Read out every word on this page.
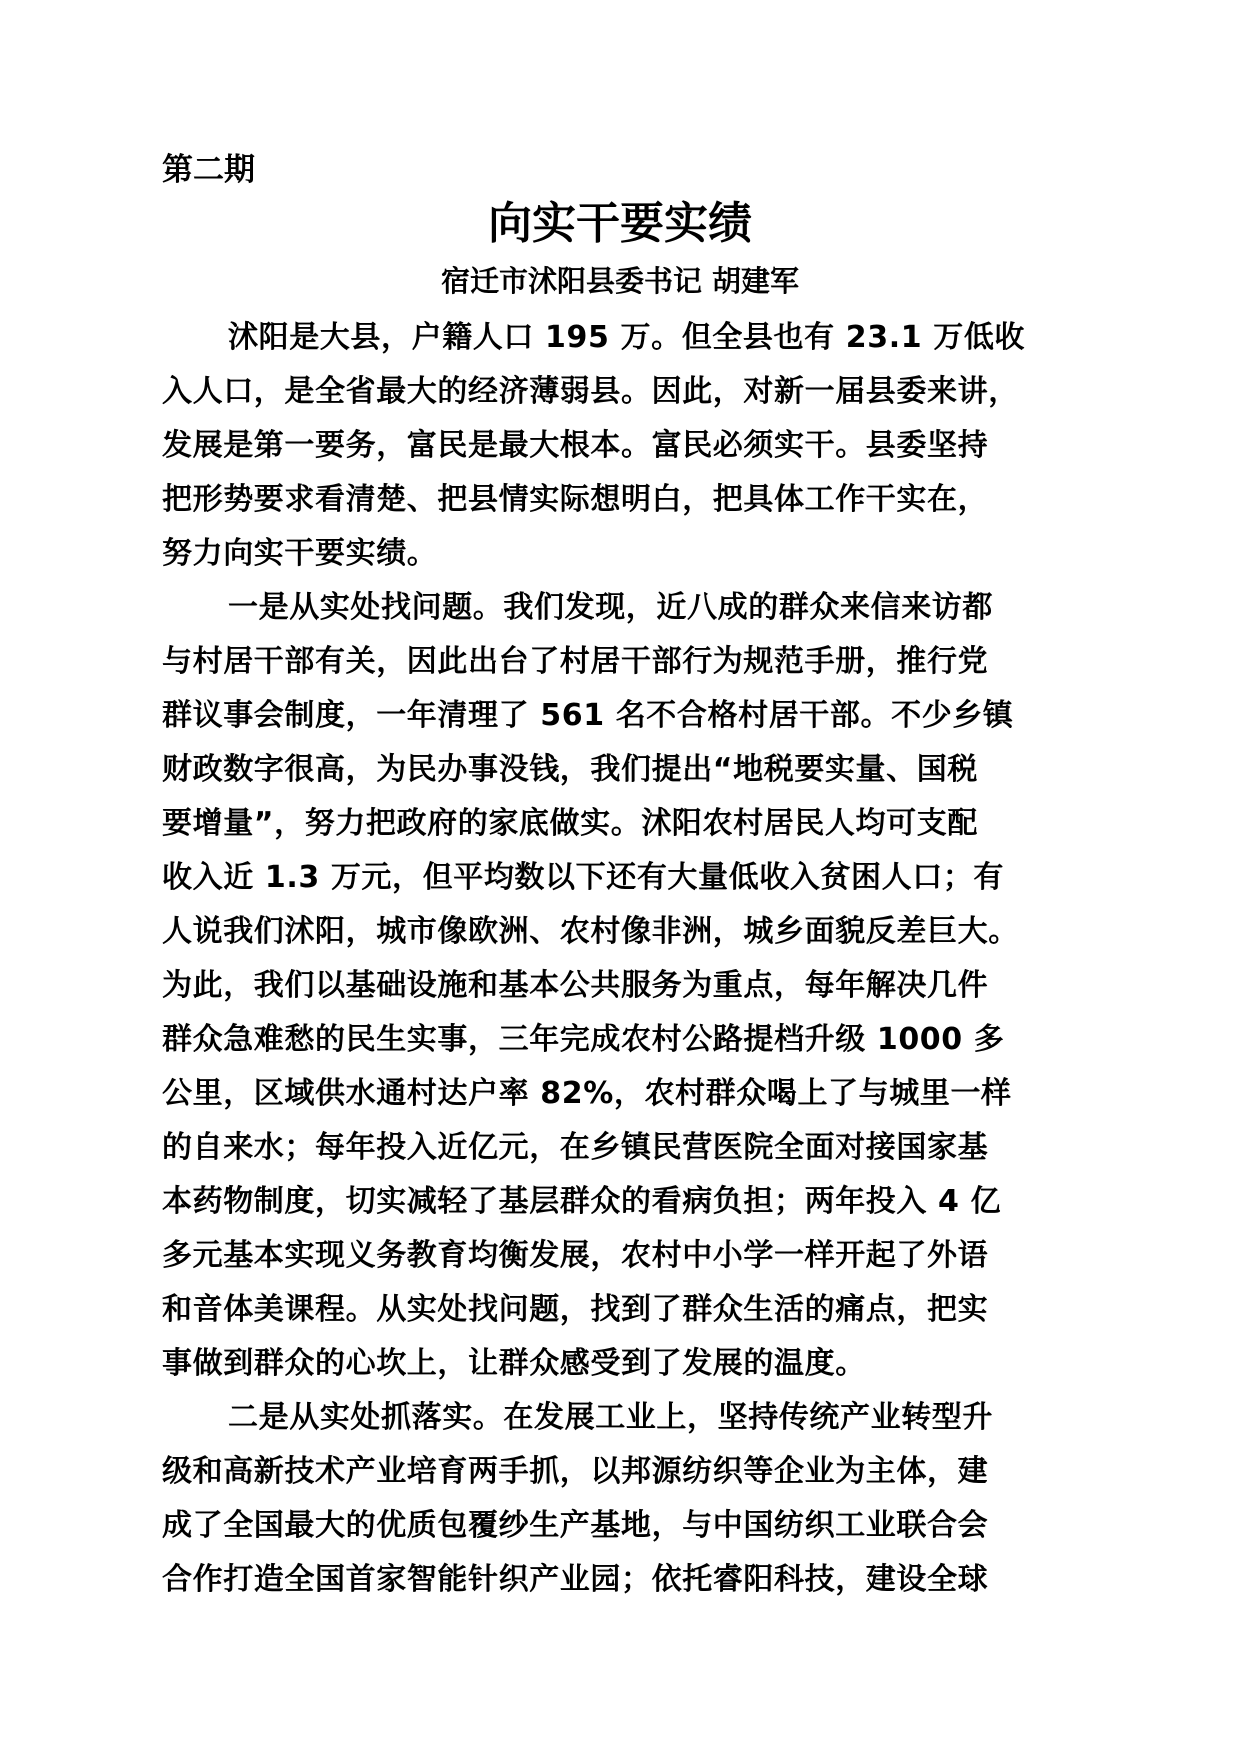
第二期
向实干要实绩
宿迁市沭阳县委书记 胡建军
沭阳是大县，户籍人口 195 万。但全县也有 23.1 万低收
入人口，是全省最大的经济薄弱县。因此，对新一届县委来讲，
发展是第一要务，富民是最大根本。富民必须实干。县委坚持
把形势要求看清楚、把县情实际想明白，把具体工作干实在，
努力向实干要实绩。
一是从实处找问题。我们发现，近八成的群众来信来访都
与村居干部有关，因此出台了村居干部行为规范手册，推行党
群议事会制度，一年清理了 561 名不合格村居干部。不少乡镇
财政数字很高，为民办事没钱，我们提出“地税要实量、国税
要增量”，努力把政府的家底做实。沭阳农村居民人均可支配
收入近 1.3 万元，但平均数以下还有大量低收入贫困人口；有
人说我们沭阳，城市像欧洲、农村像非洲，城乡面貌反差巨大。
为此，我们以基础设施和基本公共服务为重点，每年解决几件
群众急难愁的民生实事，三年完成农村公路提档升级 1000 多
公里，区域供水通村达户率 82%，农村群众喝上了与城里一样
的自来水；每年投入近亿元，在乡镇民营医院全面对接国家基
本药物制度，切实减轻了基层群众的看病负担；两年投入 4 亿
多元基本实现义务教育均衡发展，农村中小学一样开起了外语
和音体美课程。从实处找问题，找到了群众生活的痛点，把实
事做到群众的心坎上，让群众感受到了发展的温度。
二是从实处抓落实。在发展工业上，坚持传统产业转型升
级和高新技术产业培育两手抓，以邦源纺织等企业为主体，建
成了全国最大的优质包覆纱生产基地，与中国纺织工业联合会
合作打造全国首家智能针织产业园；依托睿阳科技，建设全球
